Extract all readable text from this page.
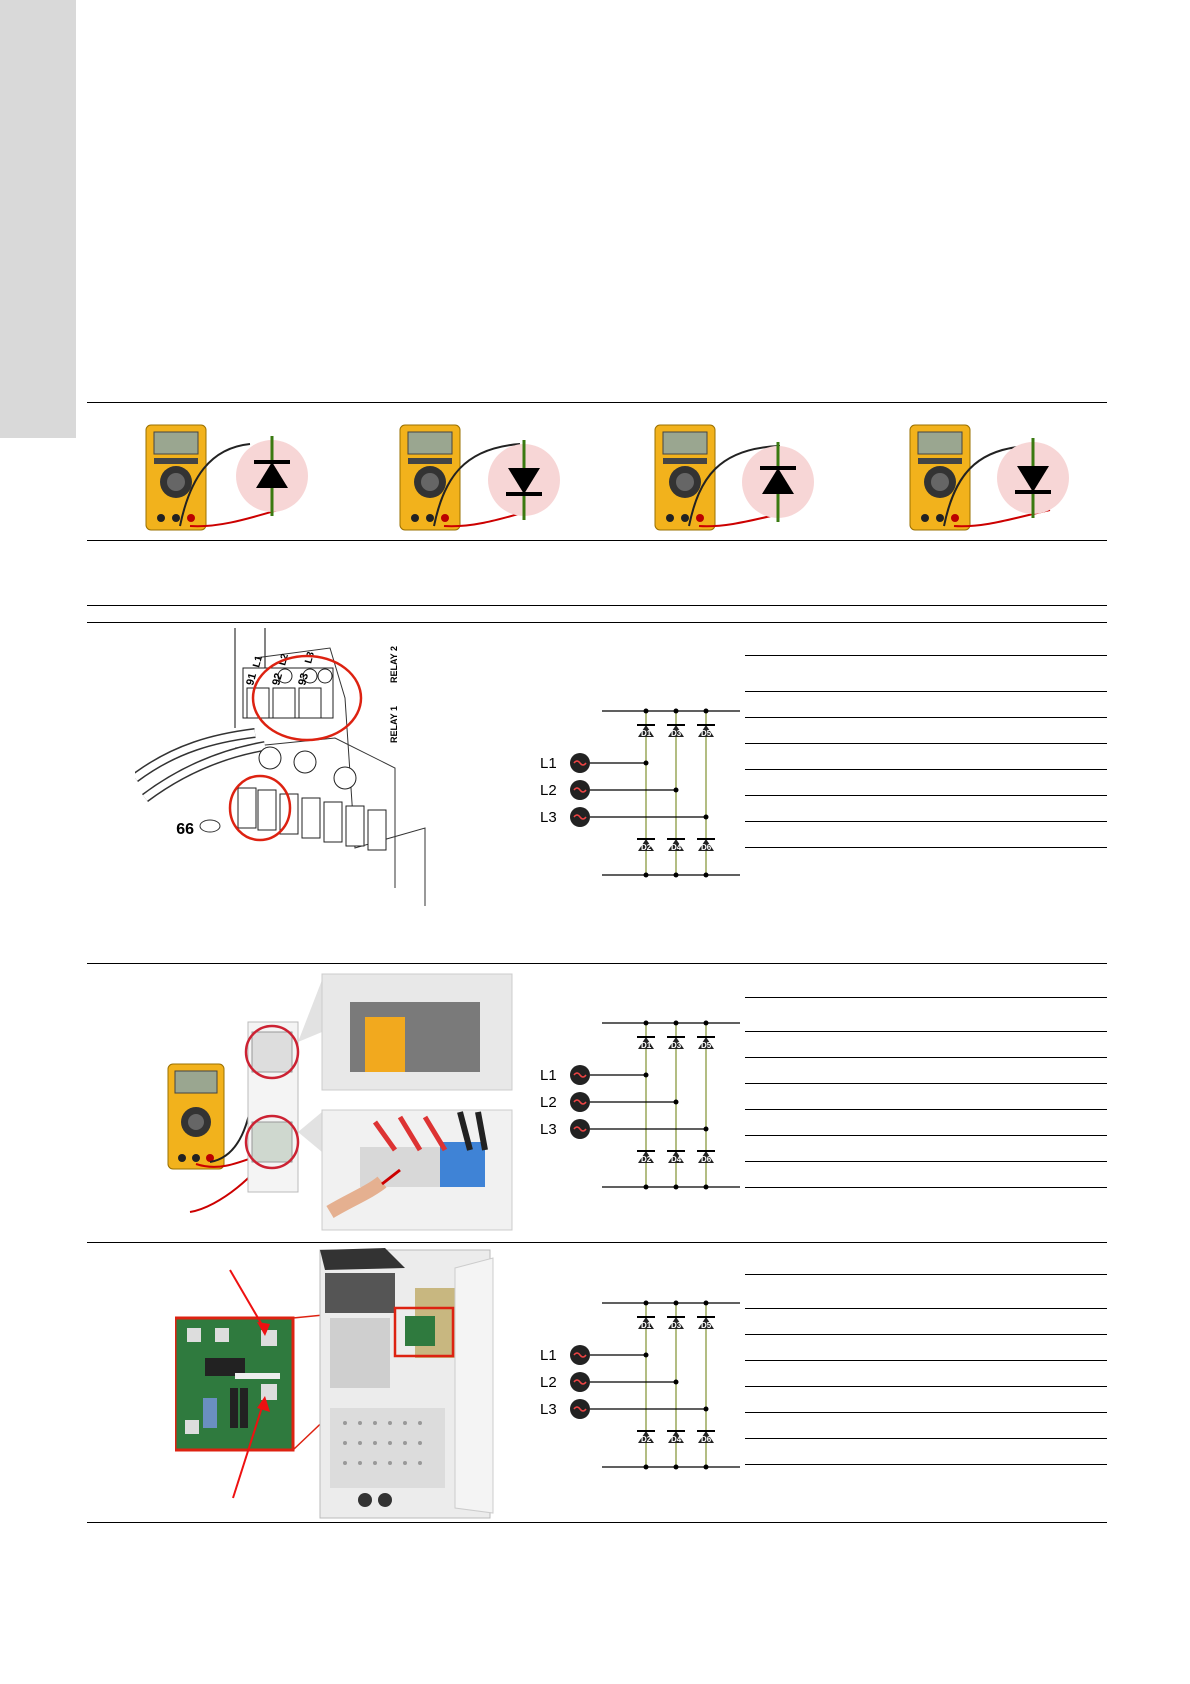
91 92 93
L1 L2 L3
RELAY 1
RELAY 2
99
D1 D3 D5
D2 D4 D6
L1
L2
L3
D1 D3 D5
D2 D4 D6
L1
L2
L3
D1 D3 D5
D2 D4 D6
L1
L2
L3
